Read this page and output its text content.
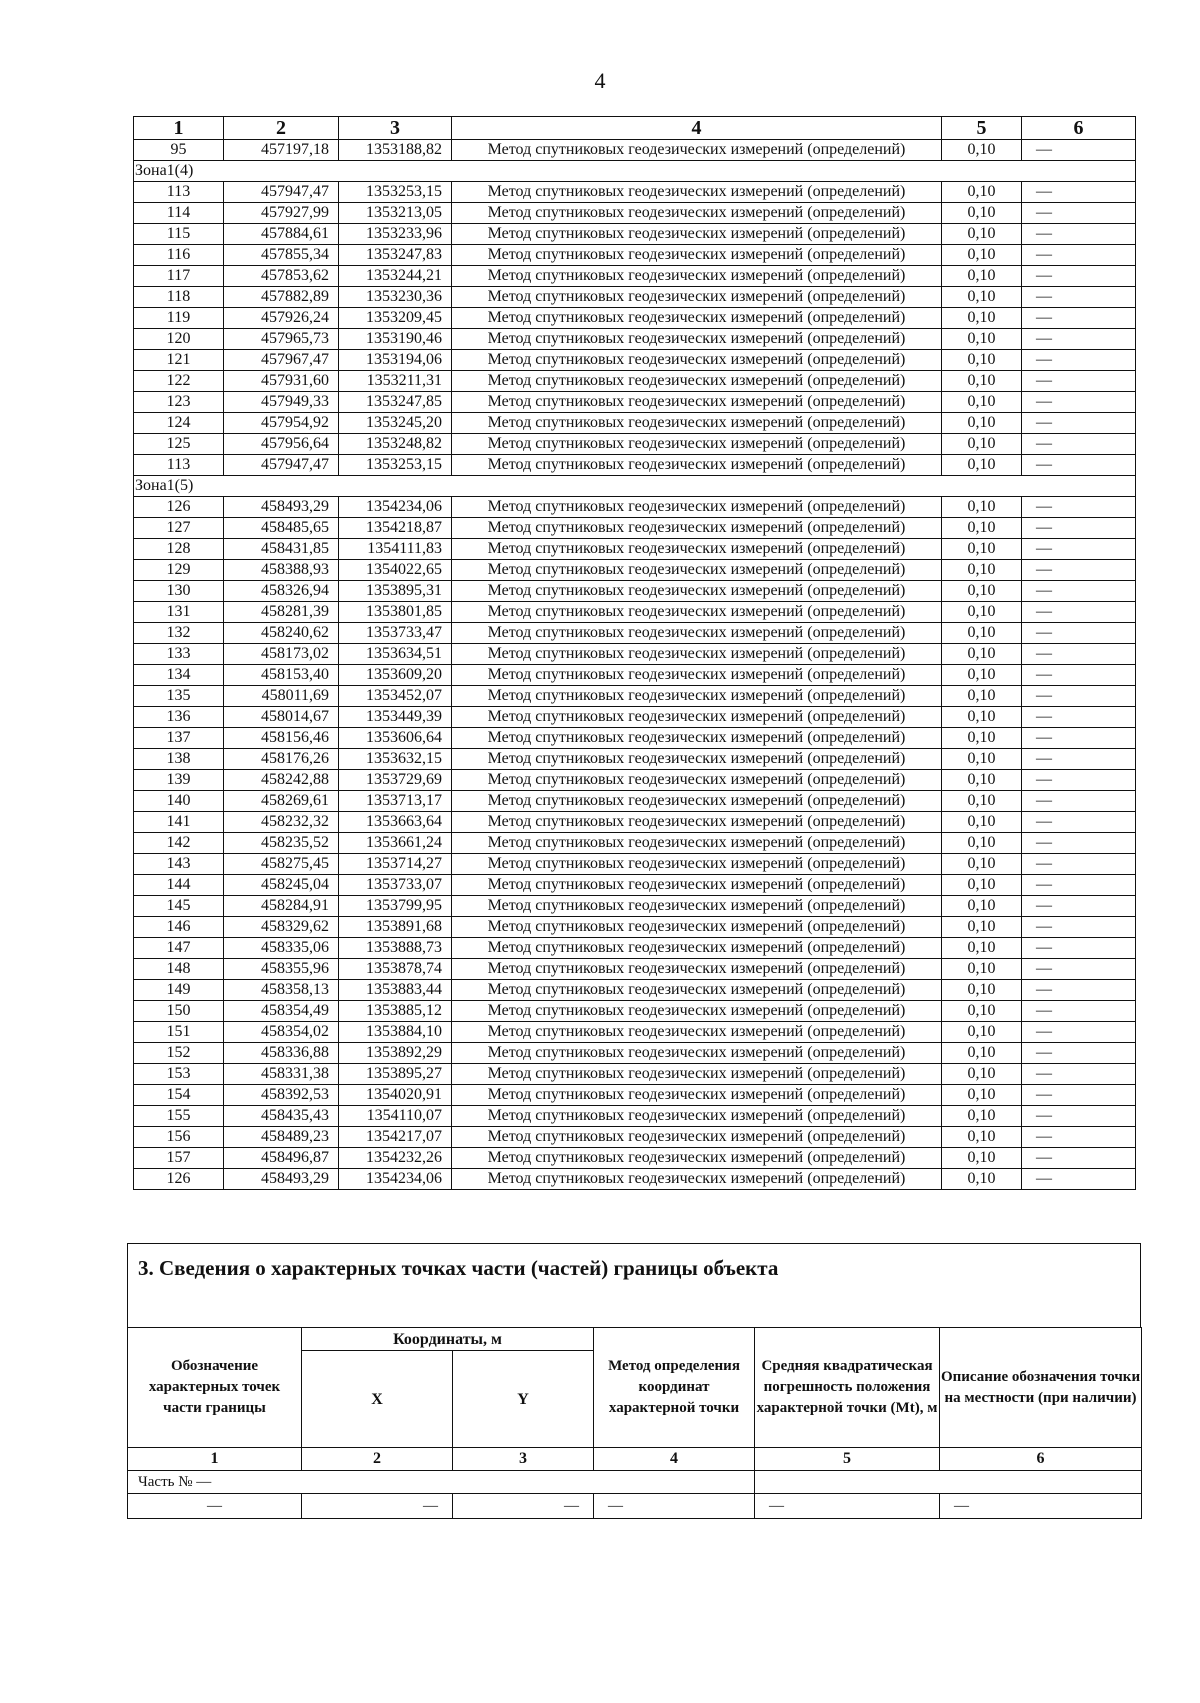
4
1	2	3	4	5	6
95	457197,18	1353188,82	Метод спутниковых геодезических измерений (определений)	0,10	—
Зона1(4)					
113	457947,47	1353253,15	Метод спутниковых геодезических измерений (определений)	0,10	—
114	457927,99	1353213,05	Метод спутниковых геодезических измерений (определений)	0,10	—
115	457884,61	1353233,96	Метод спутниковых геодезических измерений (определений)	0,10	—
116	457855,34	1353247,83	Метод спутниковых геодезических измерений (определений)	0,10	—
117	457853,62	1353244,21	Метод спутниковых геодезических измерений (определений)	0,10	—
118	457882,89	1353230,36	Метод спутниковых геодезических измерений (определений)	0,10	—
119	457926,24	1353209,45	Метод спутниковых геодезических измерений (определений)	0,10	—
120	457965,73	1353190,46	Метод спутниковых геодезических измерений (определений)	0,10	—
121	457967,47	1353194,06	Метод спутниковых геодезических измерений (определений)	0,10	—
122	457931,60	1353211,31	Метод спутниковых геодезических измерений (определений)	0,10	—
123	457949,33	1353247,85	Метод спутниковых геодезических измерений (определений)	0,10	—
124	457954,92	1353245,20	Метод спутниковых геодезических измерений (определений)	0,10	—
125	457956,64	1353248,82	Метод спутниковых геодезических измерений (определений)	0,10	—
113	457947,47	1353253,15	Метод спутниковых геодезических измерений (определений)	0,10	—
Зона1(5)					
126	458493,29	1354234,06	Метод спутниковых геодезических измерений (определений)	0,10	—
127	458485,65	1354218,87	Метод спутниковых геодезических измерений (определений)	0,10	—
128	458431,85	1354111,83	Метод спутниковых геодезических измерений (определений)	0,10	—
129	458388,93	1354022,65	Метод спутниковых геодезических измерений (определений)	0,10	—
130	458326,94	1353895,31	Метод спутниковых геодезических измерений (определений)	0,10	—
131	458281,39	1353801,85	Метод спутниковых геодезических измерений (определений)	0,10	—
132	458240,62	1353733,47	Метод спутниковых геодезических измерений (определений)	0,10	—
133	458173,02	1353634,51	Метод спутниковых геодезических измерений (определений)	0,10	—
134	458153,40	1353609,20	Метод спутниковых геодезических измерений (определений)	0,10	—
135	458011,69	1353452,07	Метод спутниковых геодезических измерений (определений)	0,10	—
136	458014,67	1353449,39	Метод спутниковых геодезических измерений (определений)	0,10	—
137	458156,46	1353606,64	Метод спутниковых геодезических измерений (определений)	0,10	—
138	458176,26	1353632,15	Метод спутниковых геодезических измерений (определений)	0,10	—
139	458242,88	1353729,69	Метод спутниковых геодезических измерений (определений)	0,10	—
140	458269,61	1353713,17	Метод спутниковых геодезических измерений (определений)	0,10	—
141	458232,32	1353663,64	Метод спутниковых геодезических измерений (определений)	0,10	—
142	458235,52	1353661,24	Метод спутниковых геодезических измерений (определений)	0,10	—
143	458275,45	1353714,27	Метод спутниковых геодезических измерений (определений)	0,10	—
144	458245,04	1353733,07	Метод спутниковых геодезических измерений (определений)	0,10	—
145	458284,91	1353799,95	Метод спутниковых геодезических измерений (определений)	0,10	—
146	458329,62	1353891,68	Метод спутниковых геодезических измерений (определений)	0,10	—
147	458335,06	1353888,73	Метод спутниковых геодезических измерений (определений)	0,10	—
148	458355,96	1353878,74	Метод спутниковых геодезических измерений (определений)	0,10	—
149	458358,13	1353883,44	Метод спутниковых геодезических измерений (определений)	0,10	—
150	458354,49	1353885,12	Метод спутниковых геодезических измерений (определений)	0,10	—
151	458354,02	1353884,10	Метод спутниковых геодезических измерений (определений)	0,10	—
152	458336,88	1353892,29	Метод спутниковых геодезических измерений (определений)	0,10	—
153	458331,38	1353895,27	Метод спутниковых геодезических измерений (определений)	0,10	—
154	458392,53	1354020,91	Метод спутниковых геодезических измерений (определений)	0,10	—
155	458435,43	1354110,07	Метод спутниковых геодезических измерений (определений)	0,10	—
156	458489,23	1354217,07	Метод спутниковых геодезических измерений (определений)	0,10	—
157	458496,87	1354232,26	Метод спутниковых геодезических измерений (определений)	0,10	—
126	458493,29	1354234,06	Метод спутниковых геодезических измерений (определений)	0,10	—
3. Сведения о характерных точках части (частей) границы объекта
Обозначение характерных точек части границы	Координаты, м		Метод определения координат характерной точки	Средняя квадратическая погрешность положения характерной точки (Mt), м	Описание обозначения точки на местности (при наличии)
	X	Y			
1	2	3	4	5	6
Часть № —					
—	—	—	—	—	—
